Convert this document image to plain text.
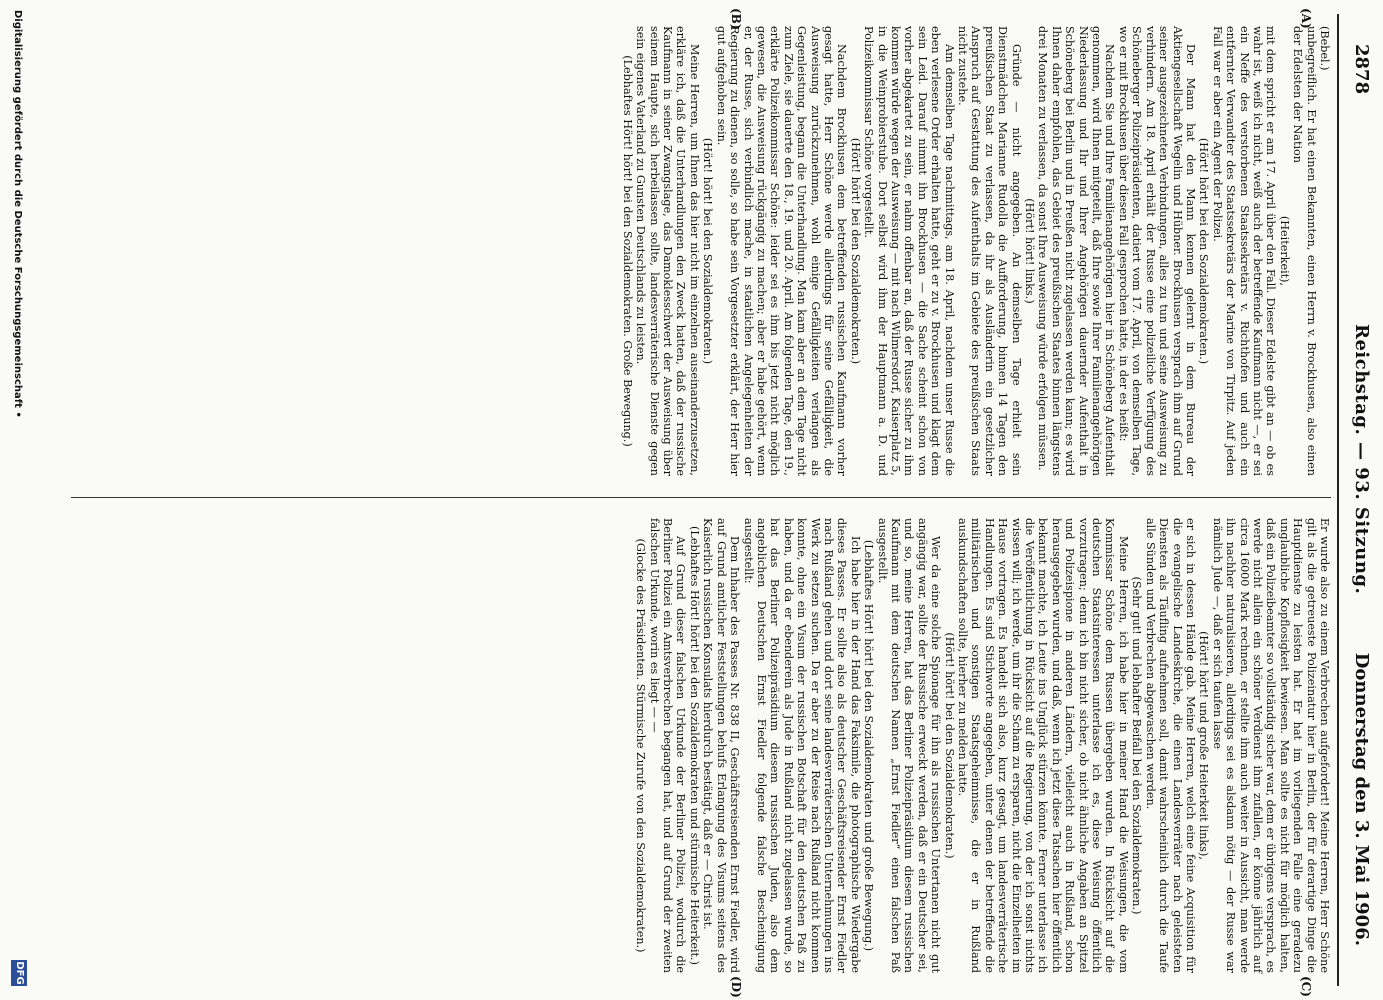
2878
Reichstag. — 93. Sitzung.
Donnerstag den 3. Mai 1906.
(A)
(B)
(C)
(D)

(Bebel.)

unbegreiflich. Er hat einen Bekannten, einen Herrn v. Brockhusen, also einen der Edelsten der Nation

(Heiterkeit),

mit dem spricht er am 17. April über den Fall. Dieser Edelste gibt an — ob es wahr ist, weiß ich nicht, weiß auch der betreffende Kaufmann nicht —, er sei ein Neffe des verstorbenen Staatssekretärs v. Richthofen und auch ein entfernter Verwandter des Staatssekretärs der Marine von Tirpitz. Auf jeden Fall war er aber ein Agent der Polizei.

(Hört! hört! bei den Sozialdemokraten.)

Der Mann hat den Mann kennen gelernt in dem Bureau der Aktiengesellschaft Wegelin und Hübner. Brockhusen versprach ihm auf Grund seiner ausgezeichneten Verbindungen, alles zu tun und seine Ausweisung zu verhindern. Am 18. April erhält der Russe eine polizeiliche Verfügung des Schöneberger Polizeipräsidenten, datiert vom 17. April, von demselben Tage, wo er mit Brockhusen über diesen Fall gesprochen hatte, in der es heißt:

Nachdem Sie und Ihre Familienangehörigen hier in Schöneberg Aufenthalt genommen, wird Ihnen mitgeteilt, daß Ihre sowie Ihrer Familienangehörigen Niederlassung und Ihr und Ihrer Angehörigen dauernder Aufenthalt in Schöneberg bei Berlin und in Preußen nicht zugelassen werden kann; es wird Ihnen daher empfohlen, das Gebiet des preußischen Staates binnen längstens drei Monaten zu verlassen, da sonst Ihre Ausweisung würde erfolgen müssen.

(Hört! hört! links.)

Gründe — nicht angegeben. An demselben Tage erhielt sein Dienstmädchen Marianne Rudolla die Aufforderung, binnen 14 Tagen den preußischen Staat zu verlassen, da ihr als Ausländerin ein gesetzlicher Anspruch auf Gestattung des Aufenthalts im Gebiete des preußischen Staats nicht zustehe.

Am demselben Tage nachmittags, am 18. April, nachdem unser Russe die eben verlesene Order erhalten hatte, geht er zu v. Brockhusen und klagt dem sein Leid. Darauf nimmt ihn Brockhusen — die Sache scheint schon von vorher abgekartet zu sein, er nahm offenbar an, daß der Russe sicher zu ihm kommen würde wegen der Ausweisung — mit nach Wilmersdorf, Kaiserplatz 5, in die Weinprobierstube. Dort selbst wird ihm der Hauptmann a. D. und Polizeikommissar Schöne vorgestellt.

(Hört! hört! bei den Sozialdemokraten.)

Nachdem Brockhusen dem betreffenden russischen Kaufmann vorher gesagt hatte, Herr Schöne werde allerdings für seine Gefälligkeit, die Ausweisung zurückzunehmen, wohl einige Gefälligkeiten verlangen als Gegenleistung, begann die Unterhandlung. Man kam aber an dem Tage nicht zum Ziele, sie dauerte den 18., 19. und 20. April. Am folgenden Tage, den 19., erklärte Polizeikommissar Schöne: leider sei es ihm bis jetzt nicht möglich gewesen, die Ausweisung rückgängig zu machen; aber er habe gehört, wenn er, der Russe, sich verbindlich mache, in staatlichen Angelegenheiten der Regierung zu dienen, so solle, so habe sein Vorgesetzter erklärt, der Herr hier gut aufgehoben sein.

(Hört! hört! bei den Sozialdemokraten.)

Meine Herren, um Ihnen das hier nicht im einzelnen auseinanderzusetzen, erkläre ich, daß die Unterhandlungen den Zweck hatten, daß der russische Kaufmann in seiner Zwangslage, das Damoklesschwert der Ausweisung über seinem Haupte, sich herbeilassen sollte, landesverräterische Dienste gegen sein eigenes Vaterland zu Gunsten Deutschlands zu leisten.

(Lebhaftes Hört! hört! bei den Sozialdemokraten. Große Bewegung.)

Er wurde also zu einem Verbrechen aufgefordert! Meine Herren, Herr Schöne gilt als die getreueste Polizeinatur hier in Berlin, der für derartige Dinge die Hauptdienste zu leisten hat. Er hat im vorliegenden Falle eine geradezu unglaubliche Kopflosigkeit bewiesen. Man sollte es nicht für möglich halten, daß ein Polizeibeamter so vollständig sicher war, dem er übrigens versprach, es werde nicht allein ein schöner Verdienst ihm zufallen, er könne jährlich auf circa 16000 Mark rechnen, er stellte ihm auch weiter in Aussicht, man werde ihn nachher naturalisieren, allerdings sei es alsdann nötig — der Russe war nämlich Jude —, daß er sich taufen lasse

(Hört! hört! und große Heiterkeit links),

er sich in dessen Hände gab. Meine Herren, welch eine feine Acquisition für die evangelische Landeskirche, die einen Landesverräter nach geleisteten Diensten als Täufling aufnehmen soll, damit wahrscheinlich durch die Taufe alle Sünden und Verbrechen abgewaschen werden.

(Sehr gut! und lebhafter Beifall bei den Sozialdemokraten.)

Meine Herren, ich habe hier in meiner Hand die Weisungen, die vom Kommissar Schöne dem Russen übergeben wurden. In Rücksicht auf die deutschen Staatsinteressen unterlasse ich es, diese Weisung öffentlich vorzutragen; denn ich bin nicht sicher, ob nicht ähnliche Angaben an Spitzel und Polizeispione in anderen Ländern, vielleicht auch in Rußland, schon herausgegeben wurden, und daß, wenn ich jetzt diese Tatsachen hier öffentlich bekannt machte, ich Leute ins Unglück stürzen könnte. Ferner unterlasse ich die Veröffentlichung in Rücksicht auf die Regierung, von der ich sonst nichts wissen will; ich werde, um ihr die Scham zu ersparen, nicht die Einzelheiten im Hause vortragen. Es handelt sich also, kurz gesagt, um landesverräterische Handlungen. Es sind Stichworte angegeben, unter denen der betreffende die militärischen und sonstigen Staatsgeheimnisse, die er in Rußland auskundschaften sollte, hierher zu melden hatte.

(Hört! hört! bei den Sozialdemokraten.)

Wer da eine solche Spionage für ihn als russischen Untertanen nicht gut angängig war, sollte der Russische erweckt werden, daß er ein Deutscher sei, und so, meine Herren, hat das Berliner Polizeipräsidium diesem russischen Kaufmann mit dem deutschen Namen „Ernst Fiedler“ einen falschen Paß ausgestellt.

(Lebhaftes Hört! hört! bei den Sozialdemokraten und große Bewegung.)

Ich habe hier in der Hand das Faksimile, die photographische Wiedergabe dieses Passes. Er sollte also als deutscher Geschäftsreisender Ernst Fiedler nach Rußland gehen und dort seine landesverräterischen Unternehmungen ins Werk zu setzen suchen. Da er aber zu der Reise nach Rußland nicht kommen konnte, ohne ein Visum der russischen Botschaft für den deutschen Paß zu haben, und da er ebenderein als Jude in Rußland nicht zugelassen wurde, so hat das Berliner Polizeipräsidium diesem russischen Juden, also dem angeblichen Deutschen Ernst Fiedler folgende falsche Bescheinigung ausgestellt:

Dem Inhaber des Passes Nr. 838 II, Geschäftsreisenden Ernst Fiedler, wird auf Grund amtlicher Feststellungen behufs Erlangung des Visums seitens des Kaiserlich russischen Konsulats hierdurch bestätigt, daß er — Christ ist.

(Lebhaftes Hört! hört! bei den Sozialdemokraten und stürmische Heiterkeit.)

Auf Grund dieser falschen Urkunde der Berliner Polizei, wodurch die Berliner Polizei ein Amtsverbrechen begangen hat, und auf Grund der zweiten falschen Urkunde, worin es liegt — —

(Glocke des Präsidenten. Stürmische Zurufe von den Sozialdemokraten.)

Digitalisierung gefördert durch die Deutsche Forschungsgemeinschaft •
DFG
